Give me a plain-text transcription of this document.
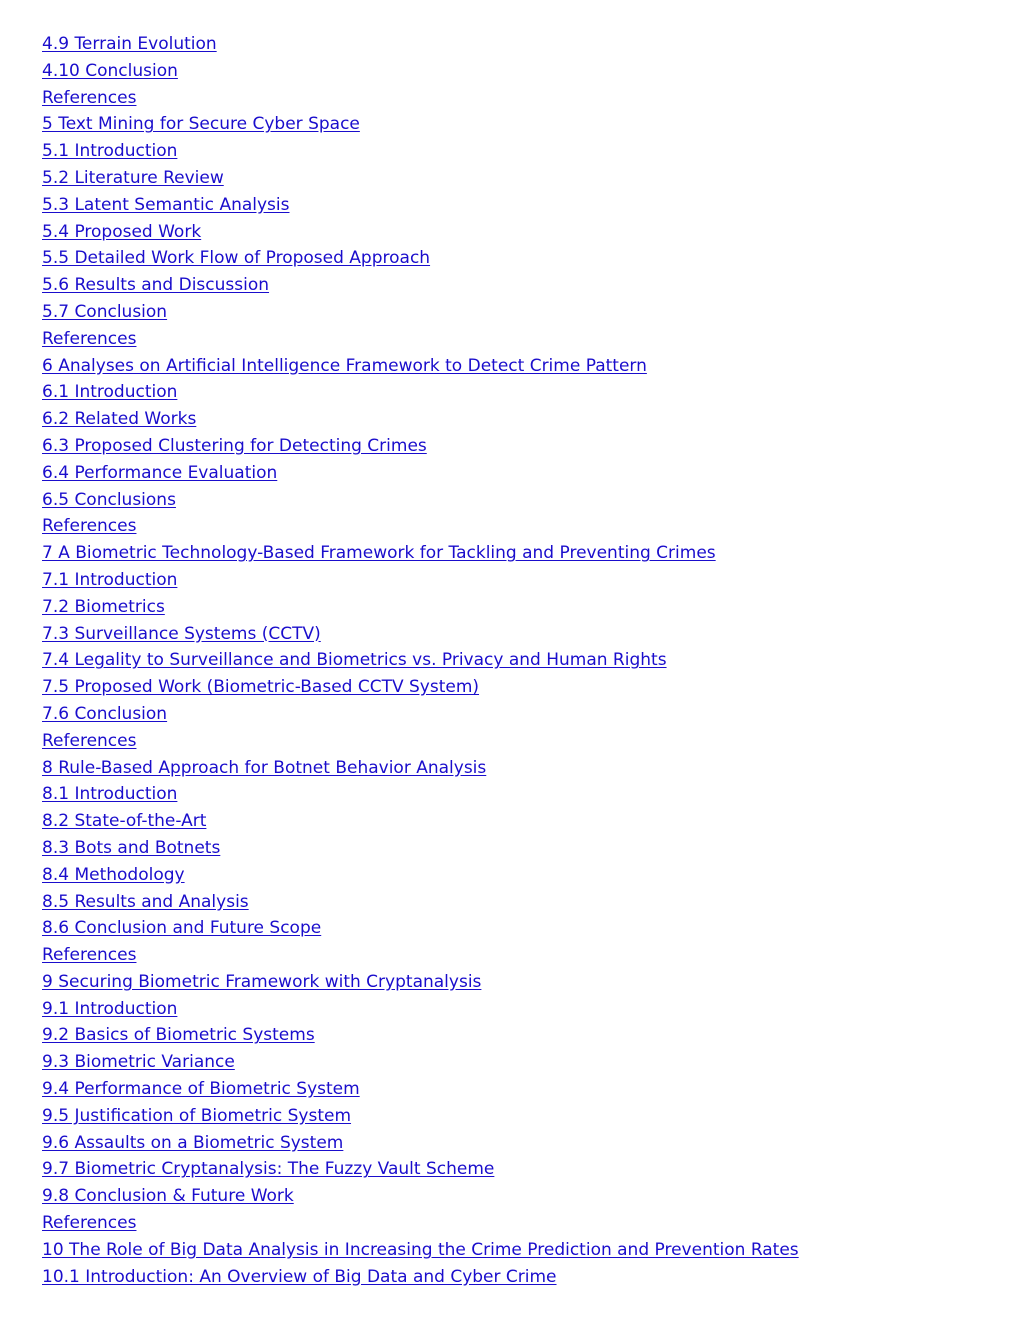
4.9 Terrain Evolution
4.10 Conclusion
References
5 Text Mining for Secure Cyber Space
5.1 Introduction
5.2 Literature Review
5.3 Latent Semantic Analysis
5.4 Proposed Work
5.5 Detailed Work Flow of Proposed Approach
5.6 Results and Discussion
5.7 Conclusion
References
6 Analyses on Artificial Intelligence Framework to Detect Crime Pattern
6.1 Introduction
6.2 Related Works
6.3 Proposed Clustering for Detecting Crimes
6.4 Performance Evaluation
6.5 Conclusions
References
7 A Biometric Technology-Based Framework for Tackling and Preventing Crimes
7.1 Introduction
7.2 Biometrics
7.3 Surveillance Systems (CCTV)
7.4 Legality to Surveillance and Biometrics vs. Privacy and Human Rights
7.5 Proposed Work (Biometric-Based CCTV System)
7.6 Conclusion
References
8 Rule-Based Approach for Botnet Behavior Analysis
8.1 Introduction
8.2 State-of-the-Art
8.3 Bots and Botnets
8.4 Methodology
8.5 Results and Analysis
8.6 Conclusion and Future Scope
References
9 Securing Biometric Framework with Cryptanalysis
9.1 Introduction
9.2 Basics of Biometric Systems
9.3 Biometric Variance
9.4 Performance of Biometric System
9.5 Justification of Biometric System
9.6 Assaults on a Biometric System
9.7 Biometric Cryptanalysis: The Fuzzy Vault Scheme
9.8 Conclusion & Future Work
References
10 The Role of Big Data Analysis in Increasing the Crime Prediction and Prevention Rates
10.1 Introduction: An Overview of Big Data and Cyber Crime
